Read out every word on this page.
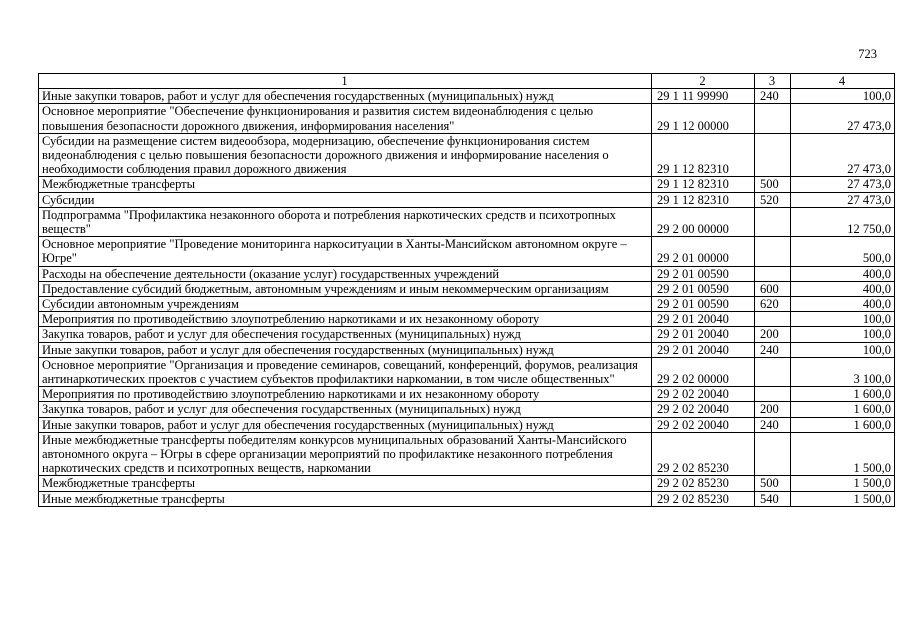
723
1	2	3	4
Иные закупки товаров, работ и услуг для обеспечения государственных (муниципальных) нужд	29 1 11 99990	240	100,0
Основное мероприятие "Обеспечение функционирования и развития систем видеонаблюдения с целью повышения безопасности дорожного движения, информирования населения"	29 1 12 00000		27 473,0
Субсидии на размещение систем видеообзора, модернизацию, обеспечение функционирования систем видеонаблюдения с целью повышения безопасности дорожного движения и информирование населения о необходимости соблюдения правил дорожного движения	29 1 12 82310		27 473,0
Межбюджетные трансферты	29 1 12 82310	500	27 473,0
Субсидии	29 1 12 82310	520	27 473,0
Подпрограмма "Профилактика незаконного оборота и потребления наркотических средств и психотропных веществ"	29 2 00 00000		12 750,0
Основное мероприятие "Проведение мониторинга наркоситуации в Ханты-Мансийском автономном округе – Югре"	29 2 01 00000		500,0
Расходы на обеспечение деятельности (оказание услуг) государственных учреждений	29 2 01 00590		400,0
Предоставление субсидий бюджетным, автономным учреждениям и иным некоммерческим организациям	29 2 01 00590	600	400,0
Субсидии автономным учреждениям	29 2 01 00590	620	400,0
Мероприятия по противодействию злоупотреблению наркотиками и их незаконному обороту	29 2 01 20040		100,0
Закупка товаров, работ и услуг для обеспечения государственных (муниципальных) нужд	29 2 01 20040	200	100,0
Иные закупки товаров, работ и услуг для обеспечения государственных (муниципальных) нужд	29 2 01 20040	240	100,0
Основное мероприятие "Организация и проведение семинаров, совещаний, конференций, форумов, реализация антинаркотических проектов с участием субъектов профилактики наркомании, в том числе общественных"	29 2 02 00000		3 100,0
Мероприятия по противодействию злоупотреблению наркотиками и их незаконному обороту	29 2 02 20040		1 600,0
Закупка товаров, работ и услуг для обеспечения государственных (муниципальных) нужд	29 2 02 20040	200	1 600,0
Иные закупки товаров, работ и услуг для обеспечения государственных (муниципальных) нужд	29 2 02 20040	240	1 600,0
Иные межбюджетные трансферты победителям конкурсов муниципальных образований Ханты-Мансийского автономного округа – Югры в сфере организации мероприятий по профилактике незаконного потребления наркотических средств и психотропных веществ, наркомании	29 2 02 85230		1 500,0
Межбюджетные трансферты	29 2 02 85230	500	1 500,0
Иные межбюджетные трансферты	29 2 02 85230	540	1 500,0
